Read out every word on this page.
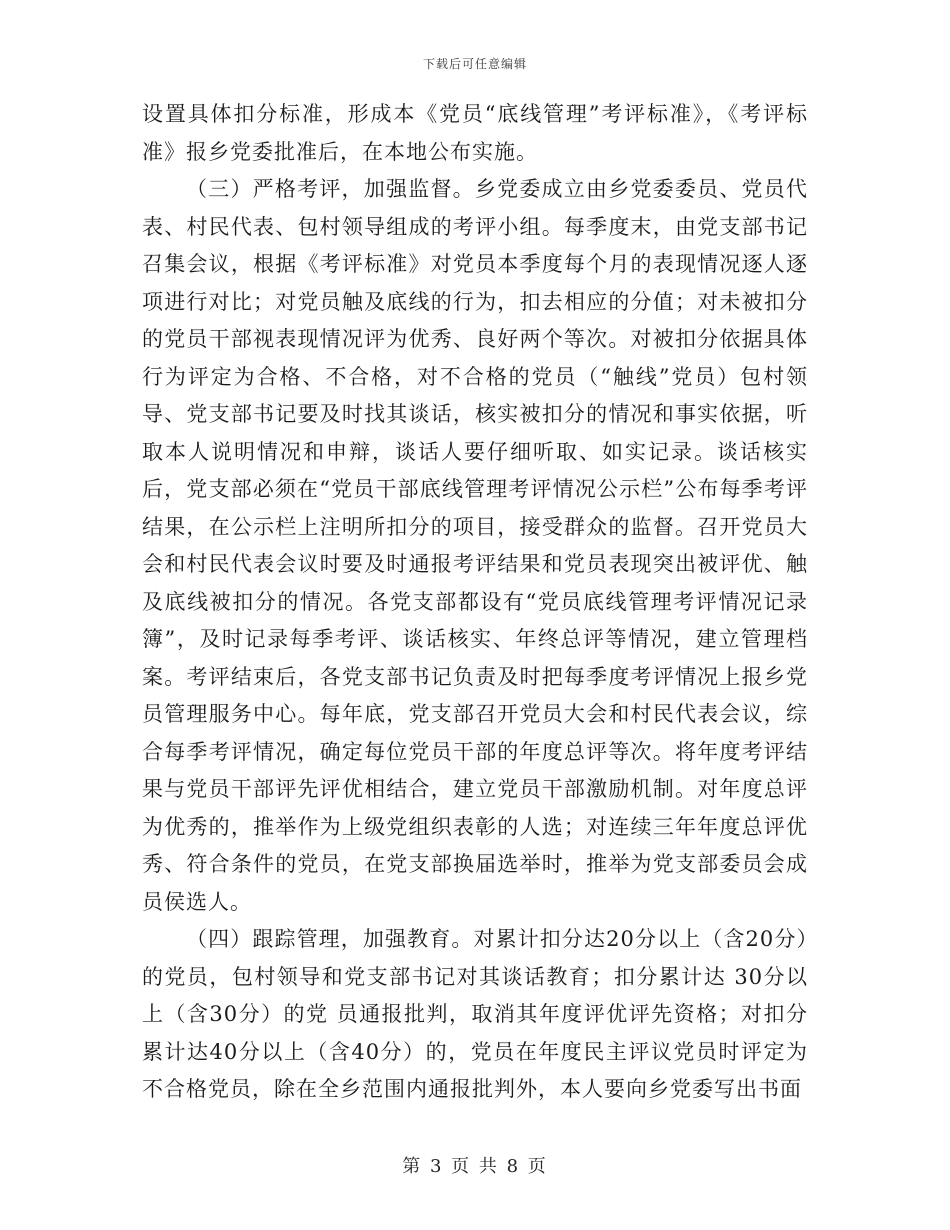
下载后可任意编辑

设置具体扣分标准，形成本《党员“底线管理”考评标准》，《考评标准》报乡党委批准后，在本地公布实施。

（三）严格考评，加强监督。乡党委成立由乡党委委员、党员代表、村民代表、包村领导组成的考评小组。每季度末，由党支部书记召集会议，根据《考评标准》对党员本季度每个月的表现情况逐人逐项进行对比；对党员触及底线的行为，扣去相应的分值；对未被扣分的党员干部视表现情况评为优秀、良好两个等次。对被扣分依据具体行为评定为合格、不合格，对不合格的党员（“触线”党员）包村领导、党支部书记要及时找其谈话，核实被扣分的情况和事实依据，听取本人说明情况和申辩，谈话人要仔细听取、如实记录。谈话核实后，党支部必须在“党员干部底线管理考评情况公示栏”公布每季考评结果，在公示栏上注明所扣分的项目，接受群众的监督。召开党员大会和村民代表会议时要及时通报考评结果和党员表现突出被评优、触及底线被扣分的情况。各党支部都设有“党员底线管理考评情况记录簿”，及时记录每季考评、谈话核实、年终总评等情况，建立管理档案。考评结束后，各党支部书记负责及时把每季度考评情况上报乡党员管理服务中心。每年底，党支部召开党员大会和村民代表会议，综合每季考评情况，确定每位党员干部的年度总评等次。将年度考评结果与党员干部评先评优相结合，建立党员干部激励机制。对年度总评为优秀的，推举作为上级党组织表彰的人选；对连续三年年度总评优秀、符合条件的党员，在党支部换届选举时，推举为党支部委员会成员侯选人。

（四）跟踪管理，加强教育。对累计扣分达20分以上（含20分）的党员，包村领导和党支部书记对其谈话教育；扣分累计达 30分以上（含30分）的党 员通报批判，取消其年度评优评先资格；对扣分累计达40分以上（含40分）的，党员在年度民主评议党员时评定为不合格党员，除在全乡范围内通报批判外，本人要向乡党委写出书面

第 3 页 共 8 页
